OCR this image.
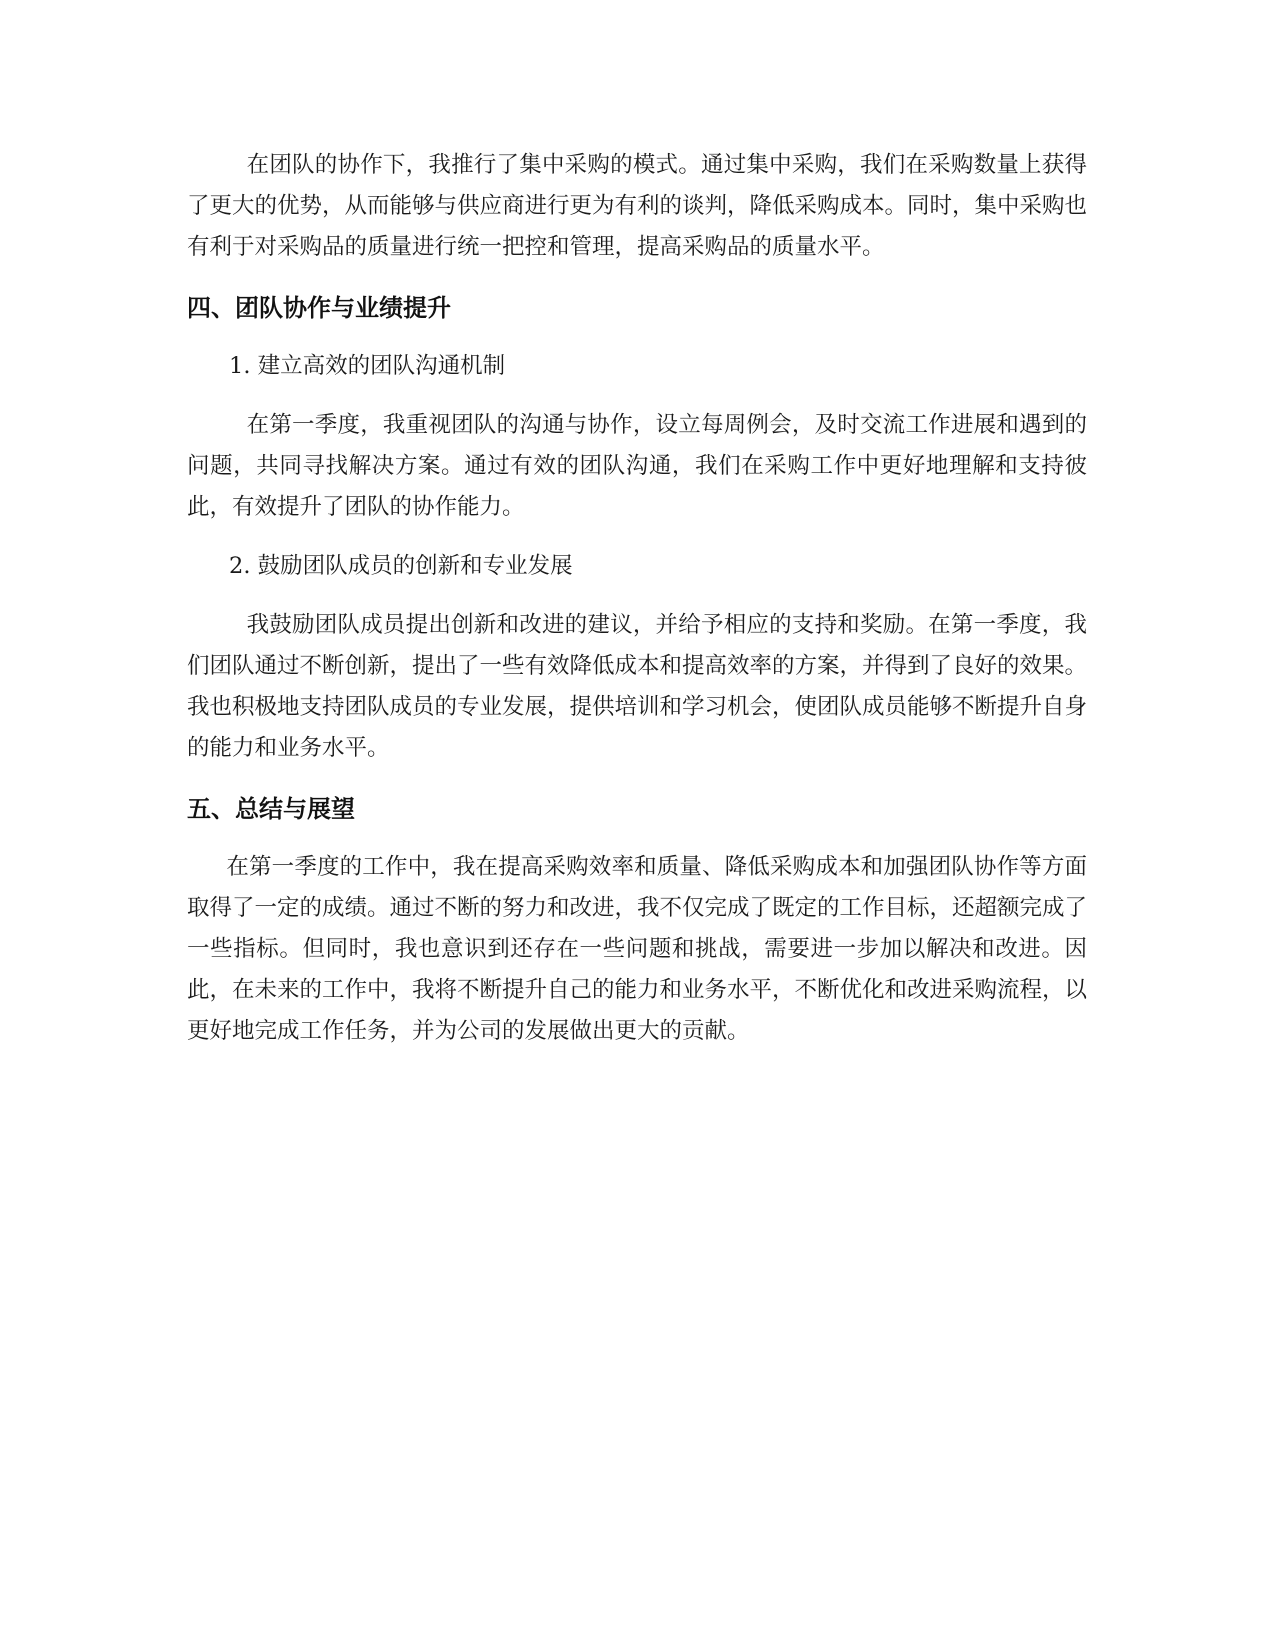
在团队的协作下，我推行了集中采购的模式。通过集中采购，我们在采购数量上获得了更大的优势，从而能够与供应商进行更为有利的谈判，降低采购成本。同时，集中采购也有利于对采购品的质量进行统一把控和管理，提高采购品的质量水平。

四、团队协作与业绩提升

1. 建立高效的团队沟通机制

在第一季度，我重视团队的沟通与协作，设立每周例会，及时交流工作进展和遇到的问题，共同寻找解决方案。通过有效的团队沟通，我们在采购工作中更好地理解和支持彼此，有效提升了团队的协作能力。

2. 鼓励团队成员的创新和专业发展

我鼓励团队成员提出创新和改进的建议，并给予相应的支持和奖励。在第一季度，我们团队通过不断创新，提出了一些有效降低成本和提高效率的方案，并得到了良好的效果。我也积极地支持团队成员的专业发展，提供培训和学习机会，使团队成员能够不断提升自身的能力和业务水平。

五、总结与展望

在第一季度的工作中，我在提高采购效率和质量、降低采购成本和加强团队协作等方面取得了一定的成绩。通过不断的努力和改进，我不仅完成了既定的工作目标，还超额完成了一些指标。但同时，我也意识到还存在一些问题和挑战，需要进一步加以解决和改进。因此，在未来的工作中，我将不断提升自己的能力和业务水平，不断优化和改进采购流程，以更好地完成工作任务，并为公司的发展做出更大的贡献。
